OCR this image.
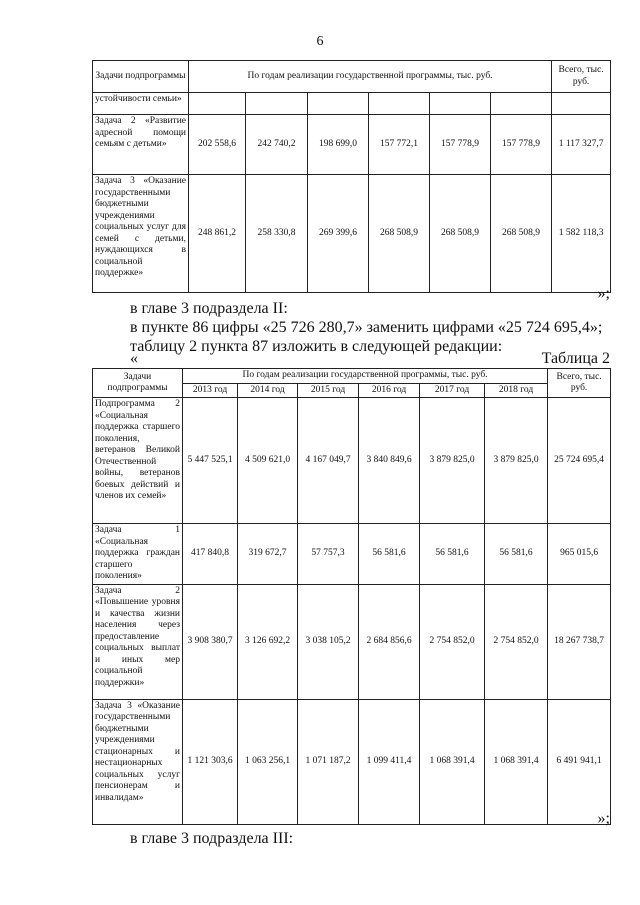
6
Задачи подпрограммы	По годам реализации государственной программы, тыс. руб.						Всего, тыс. руб.
устойчивости семьи»							
Задача 2 «Развитие адресной помощи семьям с детьми»	202 558,6	242 740,2	198 699,0	157 772,1	157 778,9	157 778,9	1 117 327,7
Задача 3 «Оказание государственными бюджетными учреждениями социальных услуг для семей с детьми, нуждающихся в социальной поддержке»	248 861,2	258 330,8	269 399,6	268 508,9	268 508,9	268 508,9	1 582 118,3
»;
в главе 3 подраздела II:
в пункте 86 цифры «25 726 280,7» заменить цифрами «25 724 695,4»;
таблицу 2 пункта 87 изложить в следующей редакции:
«	Таблица 2
Задачи подпрограммы	По годам реализации государственной программы, тыс. руб.						Всего, тыс. руб.
	2013 год	2014 год	2015 год	2016 год	2017 год	2018 год	
Подпрограмма 2 «Социальная поддержка старшего поколения, ветеранов Великой Отечественной войны, ветеранов боевых действий и членов их семей»	5 447 525,1	4 509 621,0	4 167 049,7	3 840 849,6	3 879 825,0	3 879 825,0	25 724 695,4
Задача 1 «Социальная поддержка граждан старшего поколения»	417 840,8	319 672,7	57 757,3	56 581,6	56 581,6	56 581,6	965 015,6
Задача 2 «Повышение уровня и качества жизни населения через предоставление социальных выплат и иных мер социальной поддержки»	3 908 380,7	3 126 692,2	3 038 105,2	2 684 856,6	2 754 852,0	2 754 852,0	18 267 738,7
Задача 3 «Оказание государственными бюджетными учреждениями стационарных и нестационарных социальных услуг пенсионерам и инвалидам»	1 121 303,6	1 063 256,1	1 071 187,2	1 099 411,4	1 068 391,4	1 068 391,4	6 491 941,1
»;
в главе 3 подраздела III:
